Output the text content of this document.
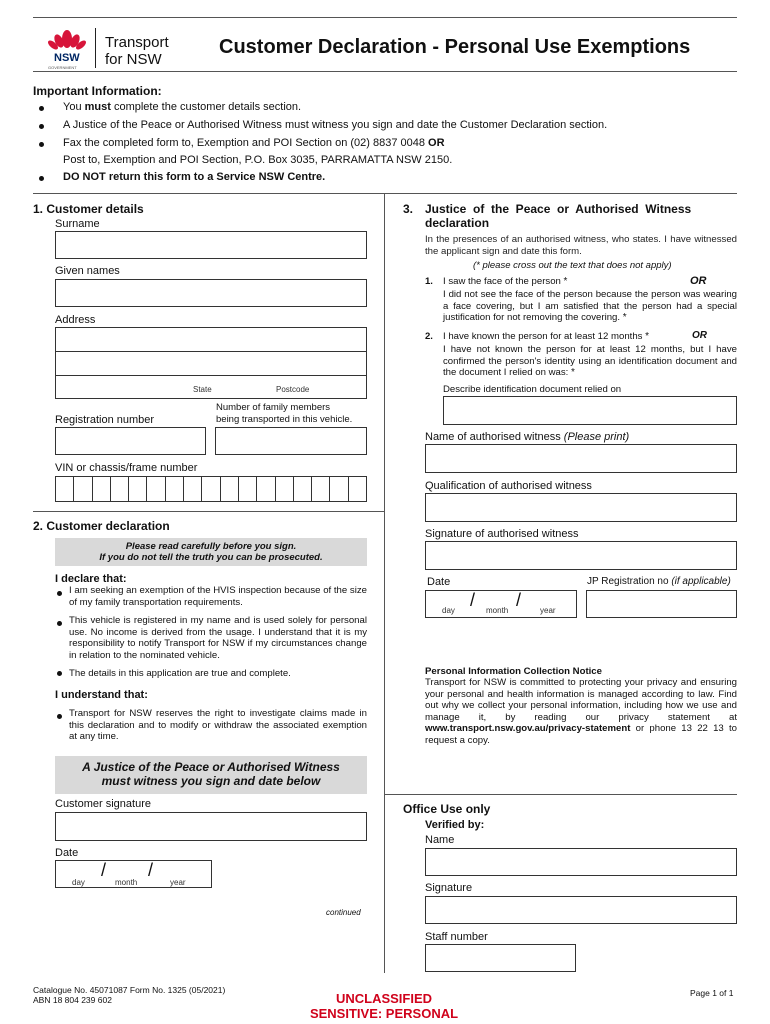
NSW
GOVERNMENT
Transport
for NSW
Customer Declaration - Personal Use Exemptions
Important Information:
You must complete the customer details section.
A Justice of the Peace or Authorised Witness must witness you sign and date the Customer Declaration section.
Fax the completed form to, Exemption and POI Section on (02) 8837 0048 OR
Post to, Exemption and POI Section, P.O. Box 3035, PARRAMATTA NSW 2150.
DO NOT return this form to a Service NSW Centre.
1. Customer details
Surname
Given names
Address
State	Postcode
Number of family members
being transported in this vehicle.
Registration number
VIN or chassis/frame number
2. Customer declaration
Please read carefully before you sign.
If you do not tell the truth you can be prosecuted.
I declare that:
I am seeking an exemption of the HVIS inspection because of the size of my family transportation requirements.
This vehicle is registered in my name and is used solely for personal use. No income is derived from the usage. I understand that it is my responsibility to notify Transport for NSW if my circumstances change in relation to the nominated vehicle.
The details in this application are true and complete.
I understand that:
Transport for NSW reserves the right to investigate claims made in this declaration and to modify or withdraw the associated exemption at any time.
A Justice of the Peace or Authorised Witness
must witness you sign and date below
Customer signature
Date
/ /
day	month	year
continued
3. Justice  of  the  Peace  or  Authorised  Witness
declaration
In the presences of an authorised witness, who states. I have witnessed the applicant sign and date this form.
(* please cross out the text that does not apply)
1. I saw the face of the person *	OR
I did not see the face of the person because the person was wearing a face covering, but I am satisfied that the person had a special justification for not removing the covering. *
2. I have known the person for at least 12 months *	OR
I have not known the person for at least 12 months, but I have confirmed the person's identity using an identification document and the document I relied on was: *
Describe identification document relied on
Name of authorised witness (Please print)
Qualification of authorised witness
Signature of authorised witness
Date	JP Registration no (if applicable)
/ /
day	month	year
Personal Information Collection Notice
Transport for NSW is committed to protecting your privacy and ensuring your personal and health information is managed according to law. Find out why we collect your personal information, including how we use and manage it, by reading our privacy statement at www.transport.nsw.gov.au/privacy-statement or phone 13 22 13 to request a copy.
Office Use only
Verified by:
Name
Signature
Staff number
Catalogue No. 45071087 Form No. 1325 (05/2021)
ABN 18 804 239 602	UNCLASSIFIED
SENSITIVE: PERSONAL
Page 1 of 1
